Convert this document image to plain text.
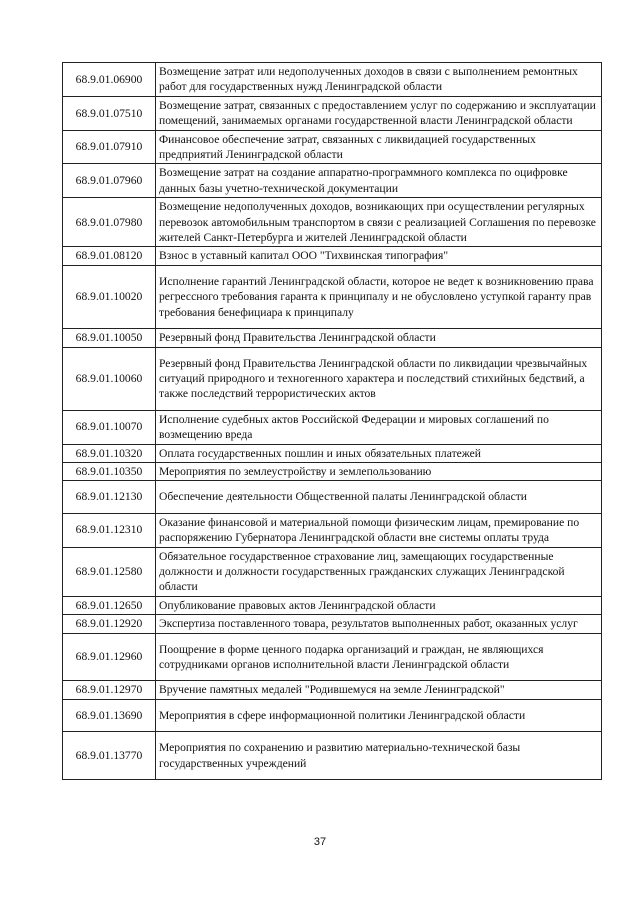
68.9.01.06900	Возмещение затрат или недополученных доходов в связи с выполнением ремонтных работ для государственных нужд Ленинградской области
68.9.01.07510	Возмещение затрат, связанных с предоставлением услуг по содержанию и эксплуатации помещений, занимаемых органами государственной власти Ленинградской области
68.9.01.07910	Финансовое обеспечение затрат, связанных с ликвидацией государственных предприятий Ленинградской области
68.9.01.07960	Возмещение затрат на создание аппаратно-программного комплекса по оцифровке данных базы учетно-технической документации
68.9.01.07980	Возмещение недополученных доходов, возникающих при осуществлении регулярных перевозок автомобильным транспортом в связи с реализацией Соглашения по перевозке жителей Санкт-Петербурга и жителей Ленинградской области
68.9.01.08120	Взнос в уставный капитал ООО "Тихвинская типография"
68.9.01.10020	Исполнение гарантий Ленинградской области, которое не ведет к возникновению права регрессного требования гаранта к принципалу и не обусловлено уступкой гаранту прав требования бенефициара к принципалу
68.9.01.10050	Резервный фонд Правительства Ленинградской области
68.9.01.10060	Резервный фонд Правительства Ленинградской области по ликвидации чрезвычайных ситуаций природного и техногенного характера и последствий стихийных бедствий, а также последствий террористических актов
68.9.01.10070	Исполнение судебных актов Российской Федерации и мировых соглашений по возмещению вреда
68.9.01.10320	Оплата государственных пошлин и иных обязательных платежей
68.9.01.10350	Мероприятия по землеустройству и землепользованию
68.9.01.12130	Обеспечение деятельности Общественной палаты Ленинградской области
68.9.01.12310	Оказание финансовой и материальной помощи физическим лицам, премирование по распоряжению Губернатора Ленинградской области вне системы оплаты труда
68.9.01.12580	Обязательное государственное страхование лиц, замещающих государственные должности и должности государственных гражданских служащих Ленинградской области
68.9.01.12650	Опубликование правовых актов Ленинградской области
68.9.01.12920	Экспертиза поставленного товара, результатов выполненных работ, оказанных услуг
68.9.01.12960	Поощрение в форме ценного подарка организаций и граждан, не являющихся сотрудниками органов исполнительной власти Ленинградской области
68.9.01.12970	Вручение памятных медалей "Родившемуся на земле Ленинградской"
68.9.01.13690	Мероприятия в сфере информационной политики Ленинградской области
68.9.01.13770	Мероприятия по сохранению и развитию материально-технической базы государственных учреждений
37
